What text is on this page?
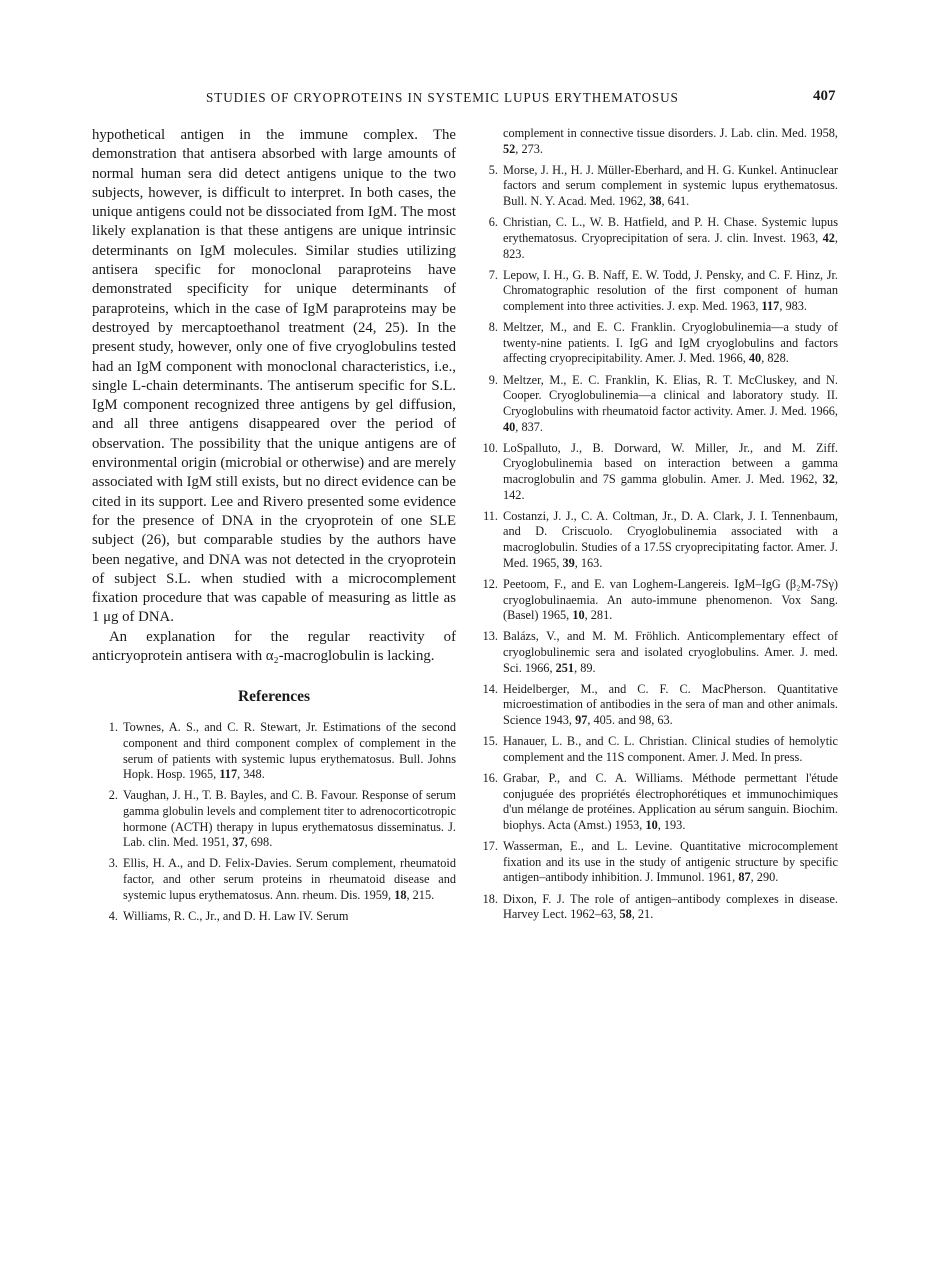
STUDIES OF CRYOPROTEINS IN SYSTEMIC LUPUS ERYTHEMATOSUS	407

hypothetical antigen in the immune complex. The demonstration that antisera absorbed with large amounts of normal human sera did detect antigens unique to the two subjects, however, is difficult to interpret. In both cases, the unique antigens could not be dissociated from IgM. The most likely explanation is that these antigens are unique intrinsic determinants on IgM molecules. Similar studies utilizing antisera specific for monoclonal paraproteins have demonstrated specificity for unique determinants of paraproteins, which in the case of IgM paraproteins may be destroyed by mercaptoethanol treatment (24, 25). In the present study, however, only one of five cryoglobulins tested had an IgM component with monoclonal characteristics, i.e., single L-chain determinants. The antiserum specific for S.L. IgM component recognized three antigens by gel diffusion, and all three antigens disappeared over the period of observation. The possibility that the unique antigens are of environmental origin (microbial or otherwise) and are merely associated with IgM still exists, but no direct evidence can be cited in its support. Lee and Rivero presented some evidence for the presence of DNA in the cryoprotein of one SLE subject (26), but comparable studies by the authors have been negative, and DNA was not detected in the cryoprotein of subject S.L. when studied with a microcomplement fixation procedure that was capable of measuring as little as 1 μg of DNA.

An explanation for the regular reactivity of anticryoprotein antisera with α₂-macroglobulin is lacking.

References
1. Townes, A. S., and C. R. Stewart, Jr. Estimations of the second component and third component complex of complement in the serum of patients with systemic lupus erythematosus. Bull. Johns Hopk. Hosp. 1965, 117, 348.
2. Vaughan, J. H., T. B. Bayles, and C. B. Favour. Response of serum gamma globulin levels and complement titer to adrenocorticotropic hormone (ACTH) therapy in lupus erythematosus disseminatus. J. Lab. clin. Med. 1951, 37, 698.
3. Ellis, H. A., and D. Felix-Davies. Serum complement, rheumatoid factor, and other serum proteins in rheumatoid disease and systemic lupus erythematosus. Ann. rheum. Dis. 1959, 18, 215.
4. Williams, R. C., Jr., and D. H. Law IV. Serum
complement in connective tissue disorders. J. Lab. clin. Med. 1958, 52, 273.
5. Morse, J. H., H. J. Müller-Eberhard, and H. G. Kunkel. Antinuclear factors and serum complement in systemic lupus erythematosus. Bull. N. Y. Acad. Med. 1962, 38, 641.
6. Christian, C. L., W. B. Hatfield, and P. H. Chase. Systemic lupus erythematosus. Cryoprecipitation of sera. J. clin. Invest. 1963, 42, 823.
7. Lepow, I. H., G. B. Naff, E. W. Todd, J. Pensky, and C. F. Hinz, Jr. Chromatographic resolution of the first component of human complement into three activities. J. exp. Med. 1963, 117, 983.
8. Meltzer, M., and E. C. Franklin. Cryoglobulinemia—a study of twenty-nine patients. I. IgG and IgM cryoglobulins and factors affecting cryoprecipitability. Amer. J. Med. 1966, 40, 828.
9. Meltzer, M., E. C. Franklin, K. Elias, R. T. McCluskey, and N. Cooper. Cryoglobulinemia—a clinical and laboratory study. II. Cryoglobulins with rheumatoid factor activity. Amer. J. Med. 1966, 40, 837.
10. LoSpalluto, J., B. Dorward, W. Miller, Jr., and M. Ziff. Cryoglobulinemia based on interaction between a gamma macroglobulin and 7S gamma globulin. Amer. J. Med. 1962, 32, 142.
11. Costanzi, J. J., C. A. Coltman, Jr., D. A. Clark, J. I. Tennenbaum, and D. Criscuolo. Cryoglobulinemia associated with a macroglobulin. Studies of a 17.5S cryoprecipitating factor. Amer. J. Med. 1965, 39, 163.
12. Peetoom, F., and E. van Loghem-Langereis. IgM–IgG (β₂M-7Sγ) cryoglobulinaemia. An auto-immune phenomenon. Vox Sang. (Basel) 1965, 10, 281.
13. Balázs, V., and M. M. Fröhlich. Anticomplementary effect of cryoglobulinemic sera and isolated cryoglobulins. Amer. J. med. Sci. 1966, 251, 89.
14. Heidelberger, M., and C. F. C. MacPherson. Quantitative microestimation of antibodies in the sera of man and other animals. Science 1943, 97, 405. and 98, 63.
15. Hanauer, L. B., and C. L. Christian. Clinical studies of hemolytic complement and the 11S component. Amer. J. Med. In press.
16. Grabar, P., and C. A. Williams. Méthode permettant l'étude conjuguée des propriétés électrophorétiques et immunochimiques d'un mélange de protéines. Application au sérum sanguin. Biochim. biophys. Acta (Amst.) 1953, 10, 193.
17. Wasserman, E., and L. Levine. Quantitative microcomplement fixation and its use in the study of antigenic structure by specific antigen–antibody inhibition. J. Immunol. 1961, 87, 290.
18. Dixon, F. J. The role of antigen–antibody complexes in disease. Harvey Lect. 1962–63, 58, 21.
